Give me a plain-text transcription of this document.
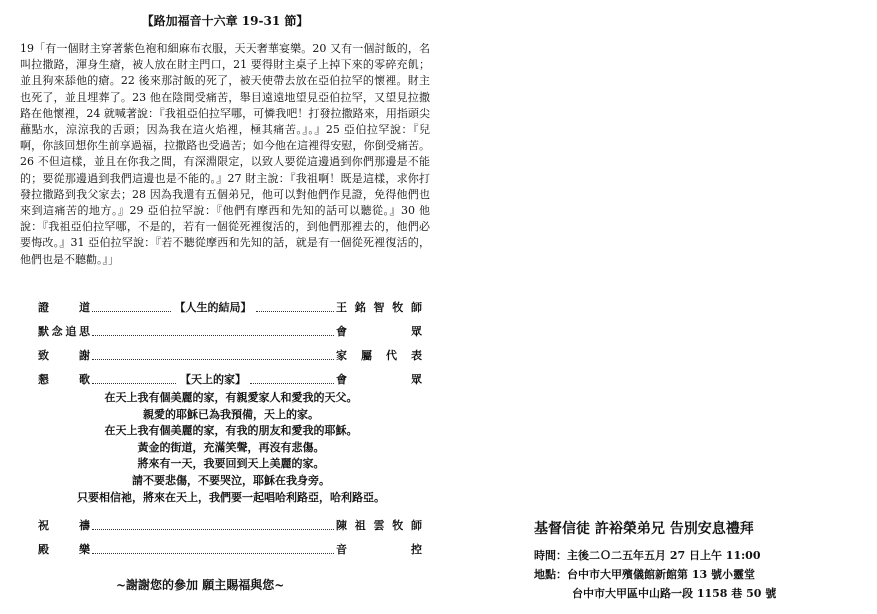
【路加福音十六章 19-31 節】

19「有一個財主穿著紫色袍和細麻布衣服，天天奢華宴樂。20 又有一個討飯的，名叫拉撒路，渾身生瘡，被人放在財主門口，21 要得財主桌子上掉下來的零碎充飢；並且狗來舔他的瘡。22 後來那討飯的死了，被天使帶去放在亞伯拉罕的懷裡。財主也死了，並且埋葬了。23 他在陰間受痛苦，舉目遠遠地望見亞伯拉罕，又望見拉撒路在他懷裡，24 就喊著說：『我祖亞伯拉罕哪，可憐我吧！打發拉撒路來，用指頭尖蘸點水，涼涼我的舌頭；因為我在這火焰裡，極其痛苦。』。』25 亞伯拉罕說：『兒啊，你該回想你生前享過福，拉撒路也受過苦；如今他在這裡得安慰，你倒受痛苦。26 不但這樣，並且在你我之間，有深淵限定，以致人要從這邊過到你們那邊是不能的；要從那邊過到我們這邊也是不能的。』27 財主說：『我祖啊！既是這樣，求你打發拉撒路到我父家去；28 因為我還有五個弟兄，他可以對他們作見證，免得他們也來到這痛苦的地方。』29 亞伯拉罕說：『他們有摩西和先知的話可以聽從。』30 他說：『我祖亞伯拉罕哪，不是的，若有一個從死裡復活的，到他們那裡去的，他們必要悔改。』31 亞伯拉罕說：『若不聽從摩西和先知的話，就是有一個從死裡復活的，他們也是不聽勸。』」

證	道	【人生的結局】	王 銘 智 牧 師
默 念 追 思	會	眾
致	謝	家 屬 代 表
懇	歌	【天上的家】	會	眾
在天上我有個美麗的家，有親愛家人和愛我的天父。
親愛的耶穌已為我預備，天上的家。
在天上我有個美麗的家，有我的朋友和愛我的耶穌。
黃金的街道，充滿笑聲，再沒有悲傷。
將來有一天，我要回到天上美麗的家。
請不要悲傷，不要哭泣，耶穌在我身旁。
只要相信祂，將來在天上，我們要一起唱哈利路亞，哈利路亞。
祝	禱	陳 祖 雲 牧 師
殿	樂	音	控
~謝謝您的參加 願主賜福與您~
基督信徒 許裕榮弟兄 告別安息禮拜
時間：主後二Ｏ二五年五月 27 日上午 11:00
地點：台中市大甲殯儀館新館第 13 號小靈堂
台中市大甲區中山路一段 1158 巷 50 號
